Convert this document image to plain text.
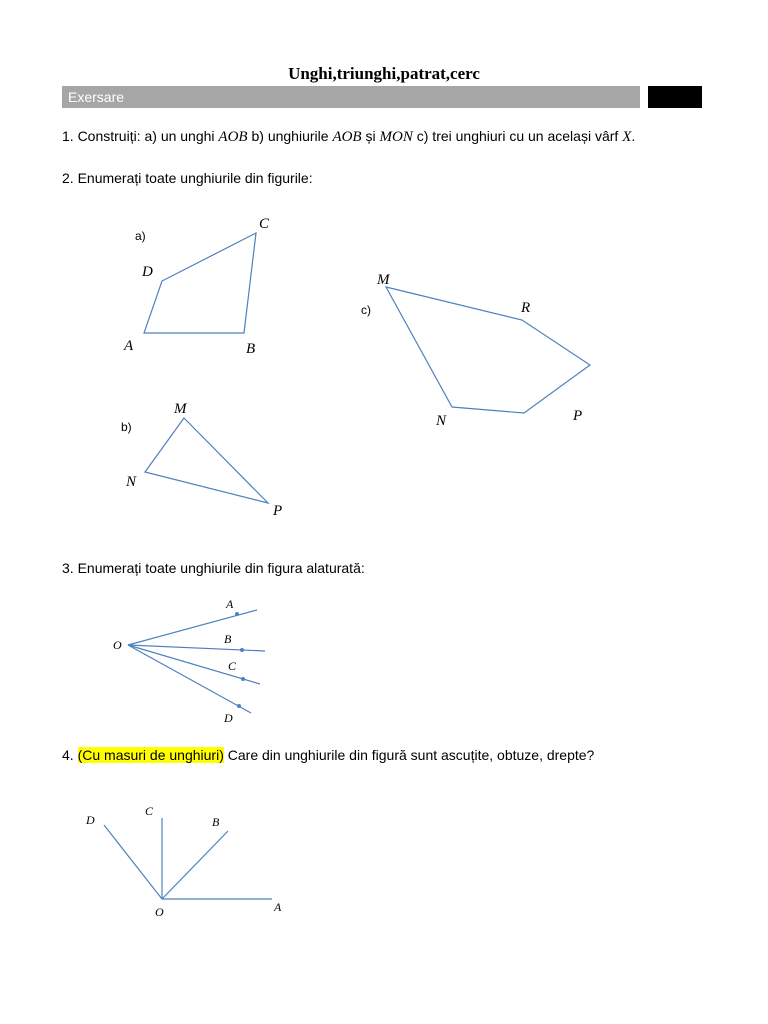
Unghi,triunghi,patrat,cerc
Exersare
1. Construiți: a) un unghi AOB b) unghiurile AOB și MON c) trei unghiuri cu un același vârf X.
2. Enumerați toate unghiurile din figurile:
a)
A	B
C
D
b)
M
N
P
c)
M
R
P
N
O
A
B
C
D
D
C
B
O	A
3. Enumerați toate unghiurile din figura alaturată:
4. (Cu masuri de unghiuri) Care din unghiurile din figură sunt ascuțite, obtuze, drepte?
